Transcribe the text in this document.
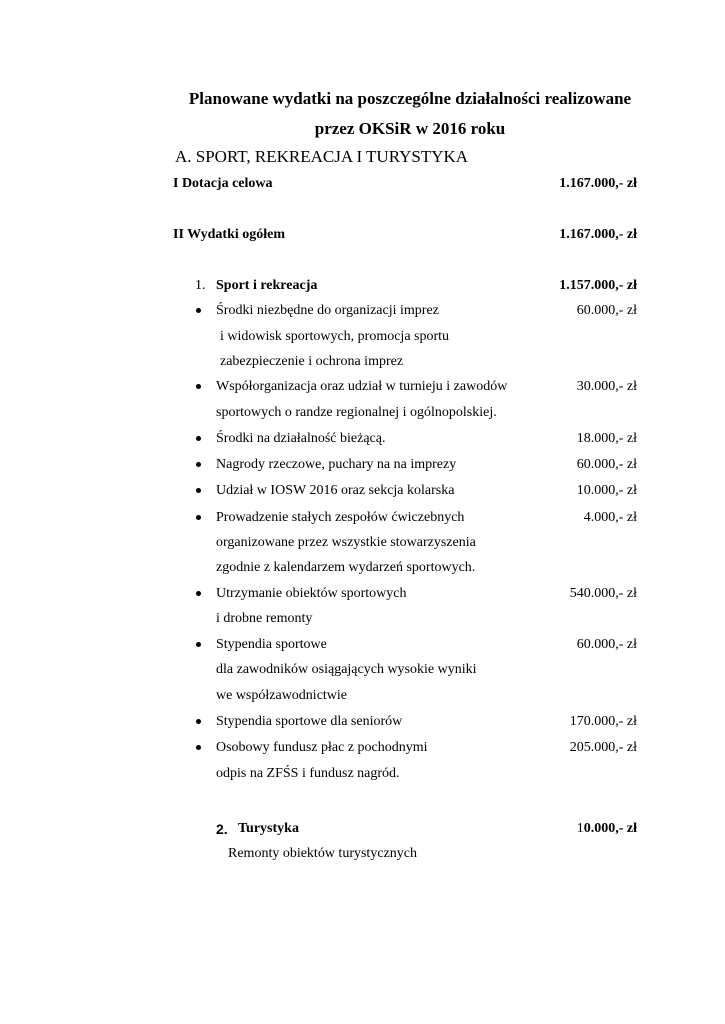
Planowane wydatki na poszczególne działalności realizowane
przez OKSiR w 2016 roku
A. SPORT, REKREACJA I TURYSTYKA
I Dotacja celowa	1.167.000,- zł
II Wydatki ogółem	1.167.000,- zł
1. Sport i rekreacja	1.157.000,- zł
Środki niezbędne do organizacji imprez
i widowisk sportowych, promocja sportu
zabezpieczenie i ochrona imprez
60.000,- zł
Współorganizacja oraz udział w turnieju i zawodów
sportowych o randze regionalnej i ogólnopolskiej.
30.000,- zł
Środki na działalność bieżącą.	18.000,- zł
Nagrody rzeczowe, puchary na na imprezy	60.000,- zł
Udział w IOSW 2016 oraz sekcja kolarska	10.000,- zł
Prowadzenie stałych zespołów ćwiczebnych
organizowane przez wszystkie stowarzyszenia
zgodnie z kalendarzem wydarzeń sportowych.
4.000,- zł
Utrzymanie obiektów sportowych
i drobne remonty
540.000,- zł
Stypendia sportowe
dla zawodników osiągających wysokie wyniki
we współzawodnictwie
60.000,- zł
Stypendia sportowe dla seniorów	170.000,- zł
Osobowy fundusz płac z pochodnymi
odpis na ZFŚS i fundusz nagród.
205.000,- zł
2. Turystyka	10.000,- zł
Remonty obiektów turystycznych
